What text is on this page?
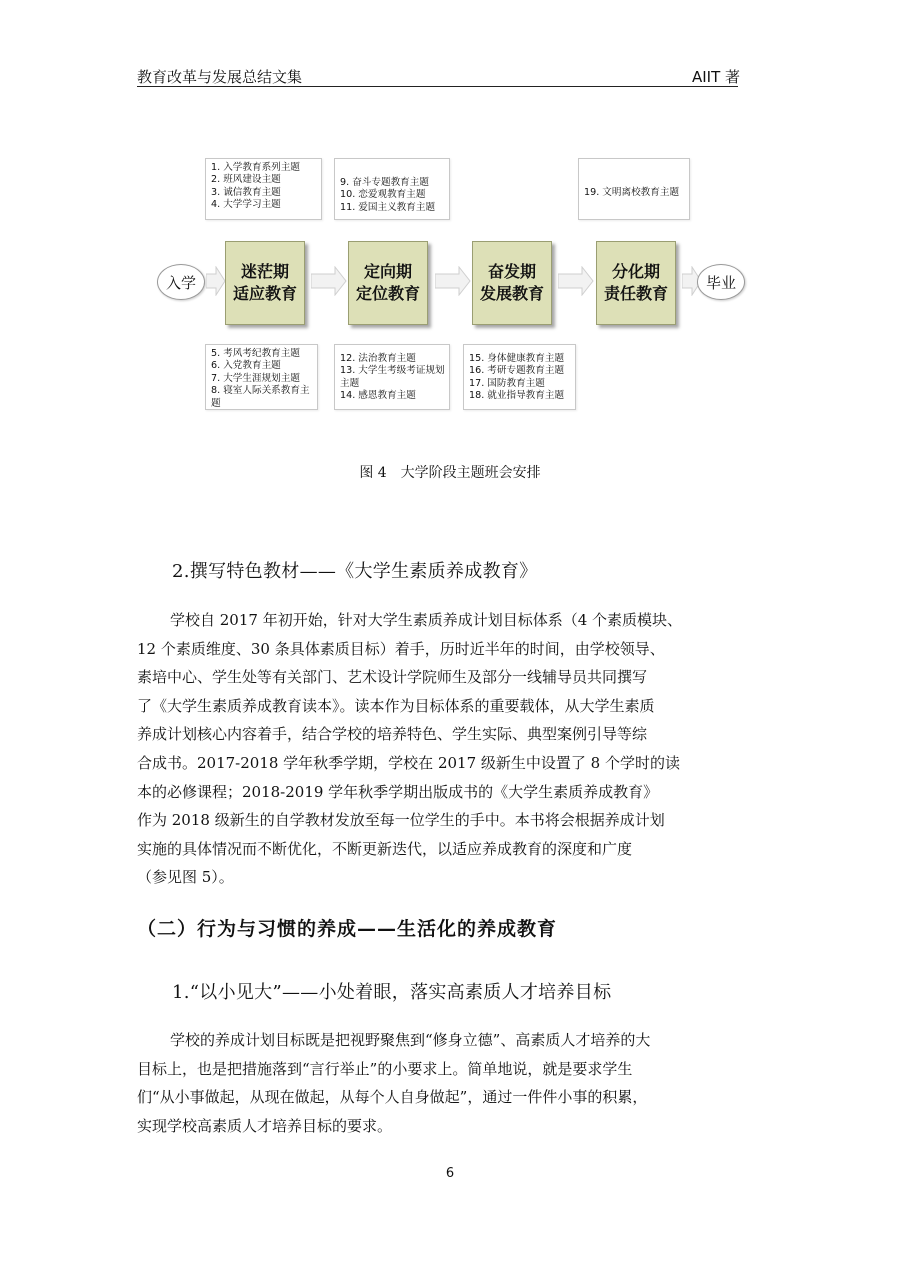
教育改革与发展总结文集	AIIT 著
1. 入学教育系列主题
2. 班风建设主题
3. 诚信教育主题
4. 大学学习主题
9. 奋斗专题教育主题
10. 恋爱观教育主题
11. 爱国主义教育主题
19. 文明离校教育主题
入学
迷茫期
适应教育
定向期
定位教育
奋发期
发展教育
分化期
责任教育
毕业
5. 考风考纪教育主题
6. 入党教育主题
7. 大学生涯规划主题
8. 寝室人际关系教育主
题
12. 法治教育主题
13. 大学生考级考证规划
主题
14. 感恩教育主题
15. 身体健康教育主题
16. 考研专题教育主题
17. 国防教育主题
18. 就业指导教育主题
图 4　大学阶段主题班会安排
2.撰写特色教材——《大学生素质养成教育》

学校自 2017 年初开始，针对大学生素质养成计划目标体系（4 个素质模块、

12 个素质维度、30 条具体素质目标）着手，历时近半年的时间，由学校领导、

素培中心、学生处等有关部门、艺术设计学院师生及部分一线辅导员共同撰写

了《大学生素质养成教育读本》。读本作为目标体系的重要载体，从大学生素质

养成计划核心内容着手，结合学校的培养特色、学生实际、典型案例引导等综

合成书。2017-2018 学年秋季学期，学校在 2017 级新生中设置了 8 个学时的读

本的必修课程；2018-2019 学年秋季学期出版成书的《大学生素质养成教育》

作为 2018 级新生的自学教材发放至每一位学生的手中。本书将会根据养成计划

实施的具体情况而不断优化，不断更新迭代，以适应养成教育的深度和广度

（参见图 5）。

（二）行为与习惯的养成——生活化的养成教育
1.“以小见大”——小处着眼，落实高素质人才培养目标

学校的养成计划目标既是把视野聚焦到“修身立德”、高素质人才培养的大

目标上，也是把措施落到“言行举止”的小要求上。简单地说，就是要求学生

们“从小事做起，从现在做起，从每个人自身做起”，通过一件件小事的积累，

实现学校高素质人才培养目标的要求。

6
